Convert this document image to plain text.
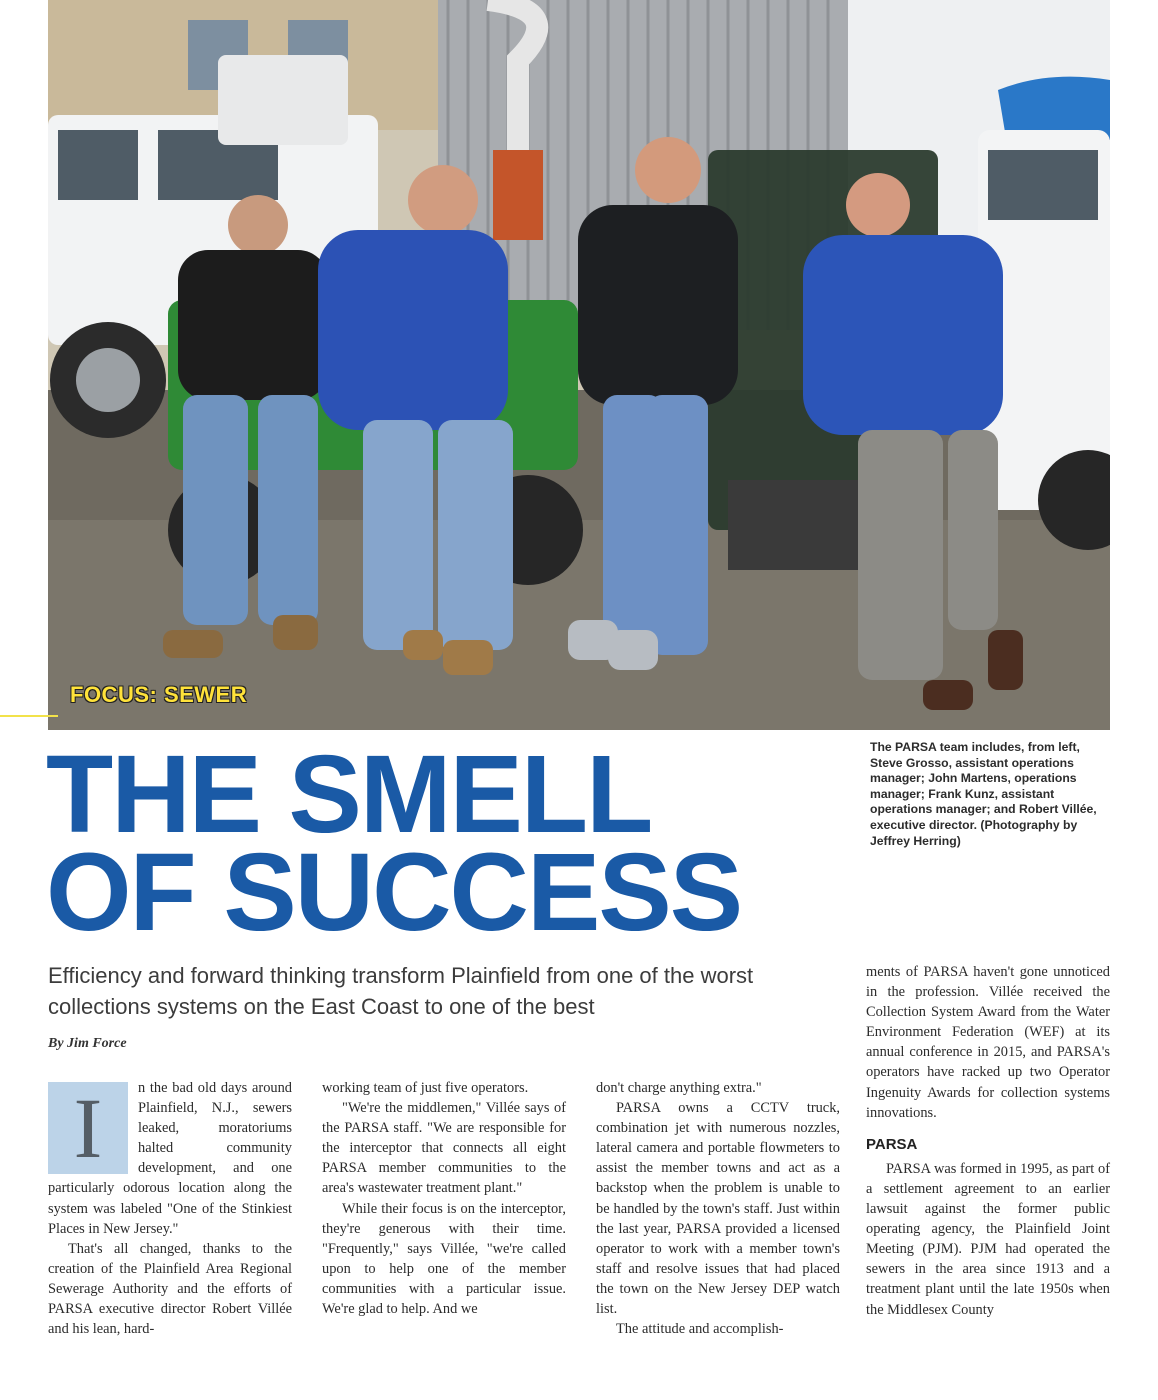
FOCUS: SEWER

The PARSA team includes, from left, Steve Grosso, assistant operations manager; John Martens, operations manager; Frank Kunz, assistant operations manager; and Robert Villée, executive director. (Photography by Jeffrey Herring)

THE SMELL
OF SUCCESS

Efficiency and forward thinking transform Plainfield from one of the worst collections systems on the East Coast to one of the best

By Jim Force
I	n the bad old days around Plainfield, N.J., sewers leaked, moratoriums halted community development, and one particularly odorous location along the system was labeled "One of the Stinkiest Places in New Jersey."

That's all changed, thanks to the creation of the Plainfield Area Regional Sewerage Authority and the efforts of PARSA executive director Robert Villée and his lean, hard-

working team of just five operators.

"We're the middlemen," Villée says of the PARSA staff. "We are responsible for the interceptor that connects all eight PARSA member communities to the area's wastewater treatment plant."

While their focus is on the interceptor, they're generous with their time. "Frequently," says Villée, "we're called upon to help one of the member communities with a particular issue. We're glad to help. And we

don't charge anything extra."

PARSA owns a CCTV truck, combination jet with numerous nozzles, lateral camera and portable flowmeters to assist the member towns and act as a backstop when the problem is unable to be handled by the town's staff. Just within the last year, PARSA provided a licensed operator to work with a member town's staff and resolve issues that had placed the town on the New Jersey DEP watch list.

The attitude and accomplish-

ments of PARSA haven't gone unnoticed in the profession. Villée received the Collection System Award from the Water Environment Federation (WEF) at its annual conference in 2015, and PARSA's operators have racked up two Operator Ingenuity Awards for collection systems innovations.

PARSA

PARSA was formed in 1995, as part of a settlement agreement to an earlier lawsuit against the former public operating agency, the Plainfield Joint Meeting (PJM). PJM had operated the sewers in the area since 1913 and a treatment plant until the late 1950s when the Middlesex County
